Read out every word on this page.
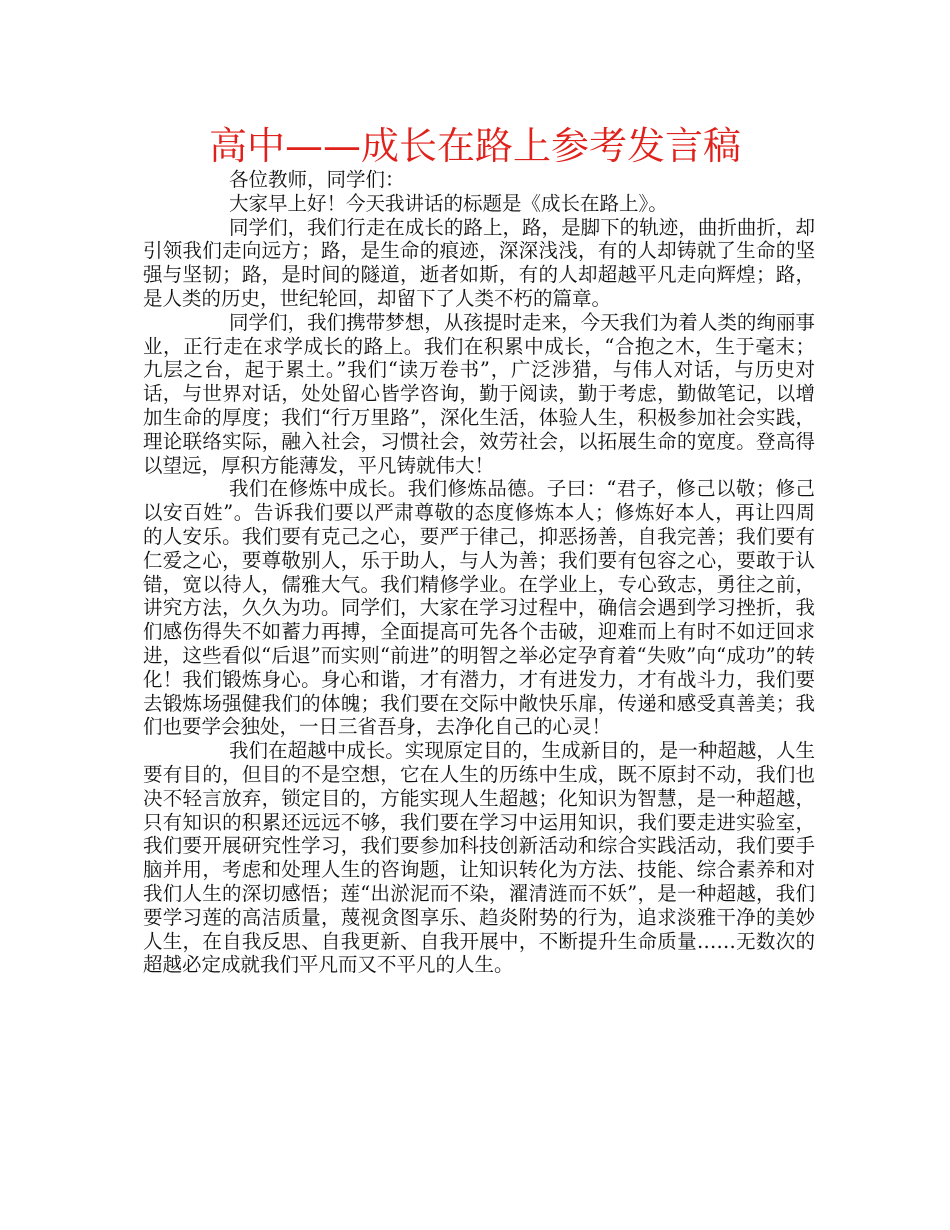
高中——成长在路上参考发言稿

各位教师，同学们：

大家早上好！今天我讲话的标题是《成长在路上》。

同学们，我们行走在成长的路上，路，是脚下的轨迹，曲折曲折，却引领我们走向远方；路，是生命的痕迹，深深浅浅，有的人却铸就了生命的坚强与坚韧；路，是时间的隧道，逝者如斯，有的人却超越平凡走向辉煌；路，是人类的历史，世纪轮回，却留下了人类不朽的篇章。

同学们，我们携带梦想，从孩提时走来，今天我们为着人类的绚丽事业，正行走在求学成长的路上。我们在积累中成长，“合抱之木，生于毫末；九层之台，起于累土。”我们“读万卷书”，广泛涉猎，与伟人对话，与历史对话，与世界对话，处处留心皆学咨询，勤于阅读，勤于考虑，勤做笔记，以增加生命的厚度；我们“行万里路”，深化生活，体验人生，积极参加社会实践，理论联络实际，融入社会，习惯社会，效劳社会，以拓展生命的宽度。登高得以望远，厚积方能薄发，平凡铸就伟大！

我们在修炼中成长。我们修炼品德。子曰：“君子，修己以敬；修己以安百姓”。告诉我们要以严肃尊敬的态度修炼本人；修炼好本人，再让四周的人安乐。我们要有克己之心，要严于律己，抑恶扬善，自我完善；我们要有仁爱之心，要尊敬别人，乐于助人，与人为善；我们要有包容之心，要敢于认错，宽以待人，儒雅大气。我们精修学业。在学业上，专心致志，勇往之前，讲究方法，久久为功。同学们，大家在学习过程中，确信会遇到学习挫折，我们感伤得失不如蓄力再搏，全面提高可先各个击破，迎难而上有时不如迂回求进，这些看似“后退”而实则“前进”的明智之举必定孕育着“失败”向“成功”的转化！我们锻炼身心。身心和谐，才有潜力，才有进发力，才有战斗力，我们要去锻炼场强健我们的体魄；我们要在交际中敞快乐扉，传递和感受真善美；我们也要学会独处，一日三省吾身，去净化自己的心灵！

我们在超越中成长。实现原定目的，生成新目的，是一种超越，人生要有目的，但目的不是空想，它在人生的历练中生成，既不原封不动，我们也决不轻言放弃，锁定目的，方能实现人生超越；化知识为智慧，是一种超越，只有知识的积累还远远不够，我们要在学习中运用知识，我们要走进实验室，我们要开展研究性学习，我们要参加科技创新活动和综合实践活动，我们要手脑并用，考虑和处理人生的咨询题，让知识转化为方法、技能、综合素养和对我们人生的深切感悟；莲“出淤泥而不染，濯清涟而不妖”，是一种超越，我们要学习莲的高洁质量，蔑视贪图享乐、趋炎附势的行为，追求淡雅干净的美妙人生，在自我反思、自我更新、自我开展中，不断提升生命质量……无数次的超越必定成就我们平凡而又不平凡的人生。
